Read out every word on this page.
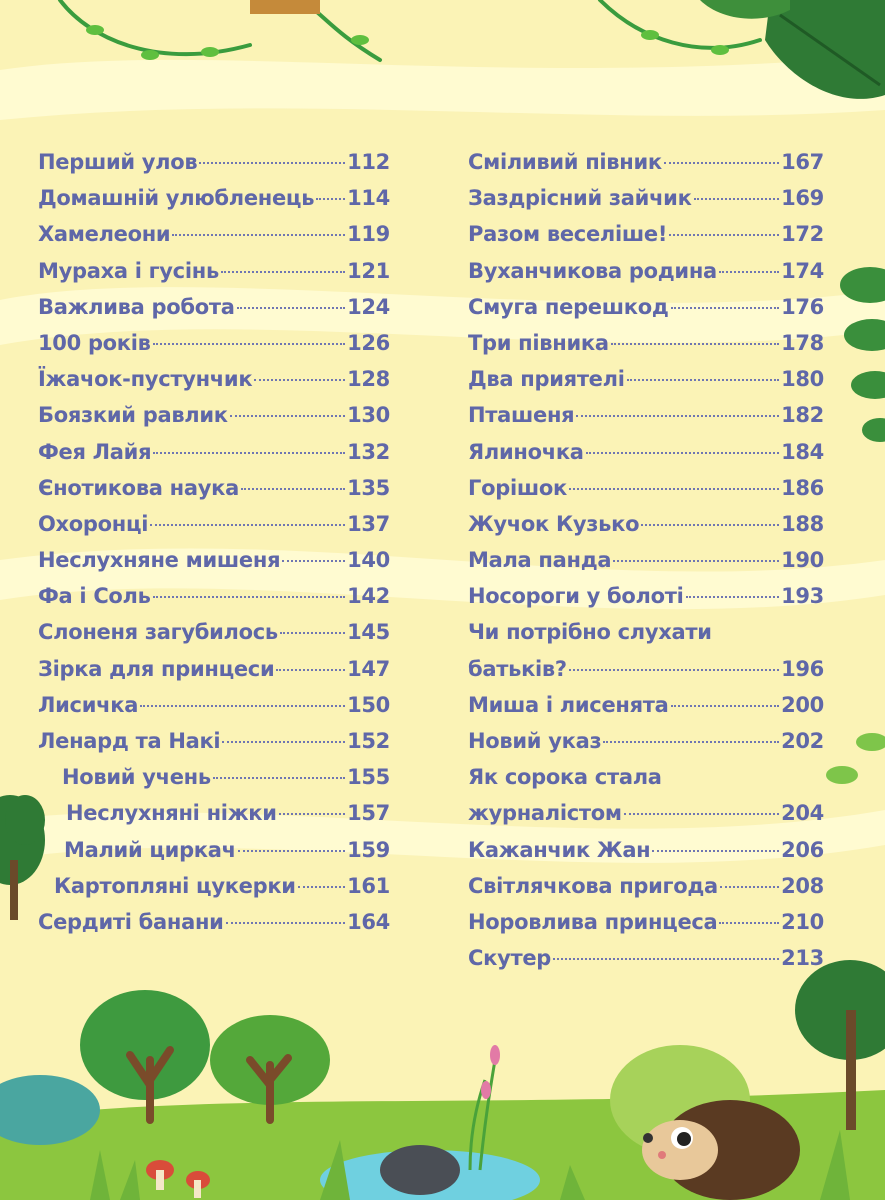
Перший улов	112
Домашній улюбленець 114
Хамелеони	119
Мураха і гусінь	121
Важлива робота	124
100 років	126
Їжачок-пустунчик	128
Боязкий равлик	130
Фея Лайя	132
Єнотикова наука	135
Охоронці	137
Неслухняне мишеня	140
Фа і Соль	142
Слоненя загубилось	145
Зірка для принцеси	147
Лисичка	150
Ленард та Накі	152
Новий учень	155
Неслухняні ніжки	157
Малий циркач	159
Картопляні цукерки 161
Сердиті банани	164
Сміливий півник	167
Заздрісний зайчик	169
Разом веселіше!	172
Вуханчикова родина	174
Смуга перешкод	176
Три півника	178
Два приятелі	180
Пташеня	182
Ялиночка	184
Горішок	186
Жучок Кузько	188
Мала панда	190
Носороги у болоті	193
Чи потрібно слухати
батьків?	196
Миша і лисенята	200
Новий указ	202
Як сорока стала
журналістом	204
Кажанчик Жан	206
Світлячкова пригода	208
Норовлива принцеса	210
Скутер	213
